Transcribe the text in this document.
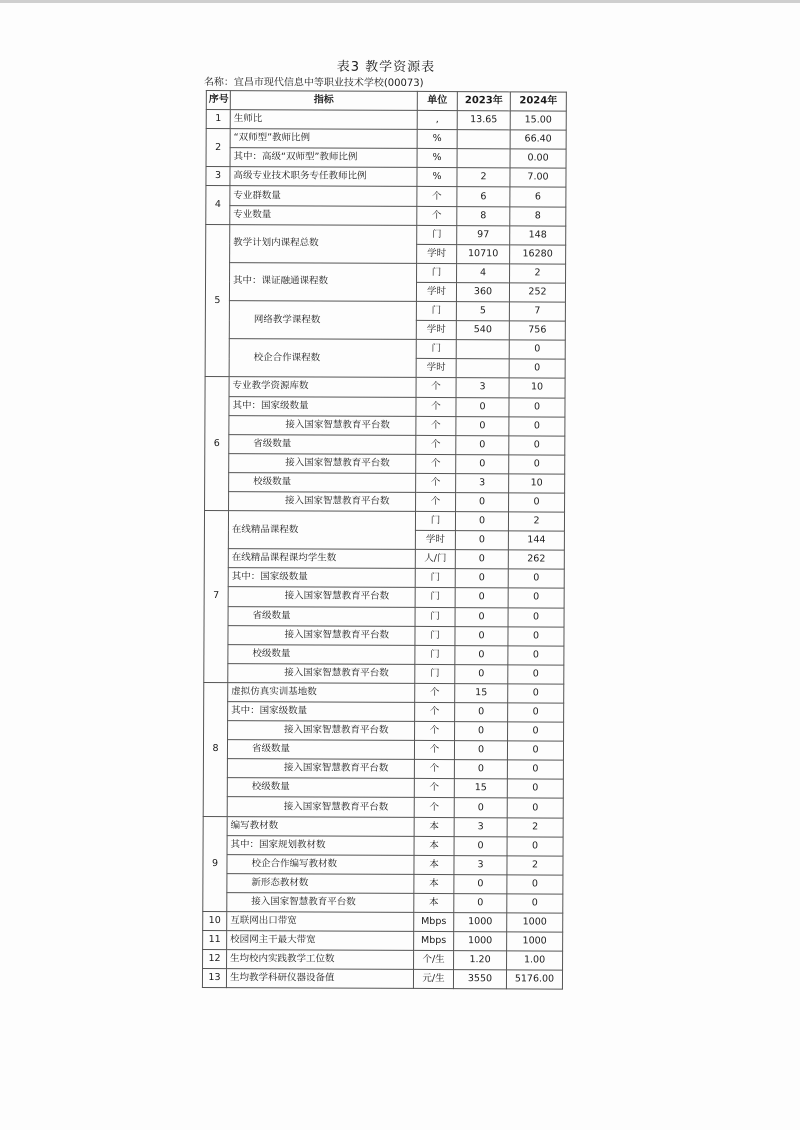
表3 教学资源表
名称：宜昌市现代信息中等职业技术学校(00073)
序号	指标	单位	2023年	2024年
1	生师比	,	13.65	15.00
2	“双师型”教师比例	%		66.40
	其中：高级“双师型”教师比例	%		0.00
3	高级专业技术职务专任教师比例	%	2	7.00
4	专业群数量	个	6	6
	专业数量	个	8	8
5	教学计划内课程总数	门	97	148
		学时	10710	16280
	其中：课证融通课程数	门	4	2
		学时	360	252
	网络教学课程数	门	5	7
		学时	540	756
	校企合作课程数	门		0
		学时		0
6	专业教学资源库数	个	3	10
	其中：国家级数量	个	0	0
	接入国家智慧教育平台数	个	0	0
	省级数量	个	0	0
	接入国家智慧教育平台数	个	0	0
	校级数量	个	3	10
	接入国家智慧教育平台数	个	0	0
7	在线精品课程数	门	0	2
		学时	0	144
	在线精品课程课均学生数	人/门	0	262
	其中：国家级数量	门	0	0
	接入国家智慧教育平台数	门	0	0
	省级数量	门	0	0
	接入国家智慧教育平台数	门	0	0
	校级数量	门	0	0
	接入国家智慧教育平台数	门	0	0
8	虚拟仿真实训基地数	个	15	0
	其中：国家级数量	个	0	0
	接入国家智慧教育平台数	个	0	0
	省级数量	个	0	0
	接入国家智慧教育平台数	个	0	0
	校级数量	个	15	0
	接入国家智慧教育平台数	个	0	0
9	编写教材数	本	3	2
	其中：国家规划教材数	本	0	0
	校企合作编写教材数	本	3	2
	新形态教材数	本	0	0
	接入国家智慧教育平台数	本	0	0
10	互联网出口带宽	Mbps	1000	1000
11	校园网主干最大带宽	Mbps	1000	1000
12	生均校内实践教学工位数	个/生	1.20	1.00
13	生均教学科研仪器设备值	元/生	3550	5176.00
